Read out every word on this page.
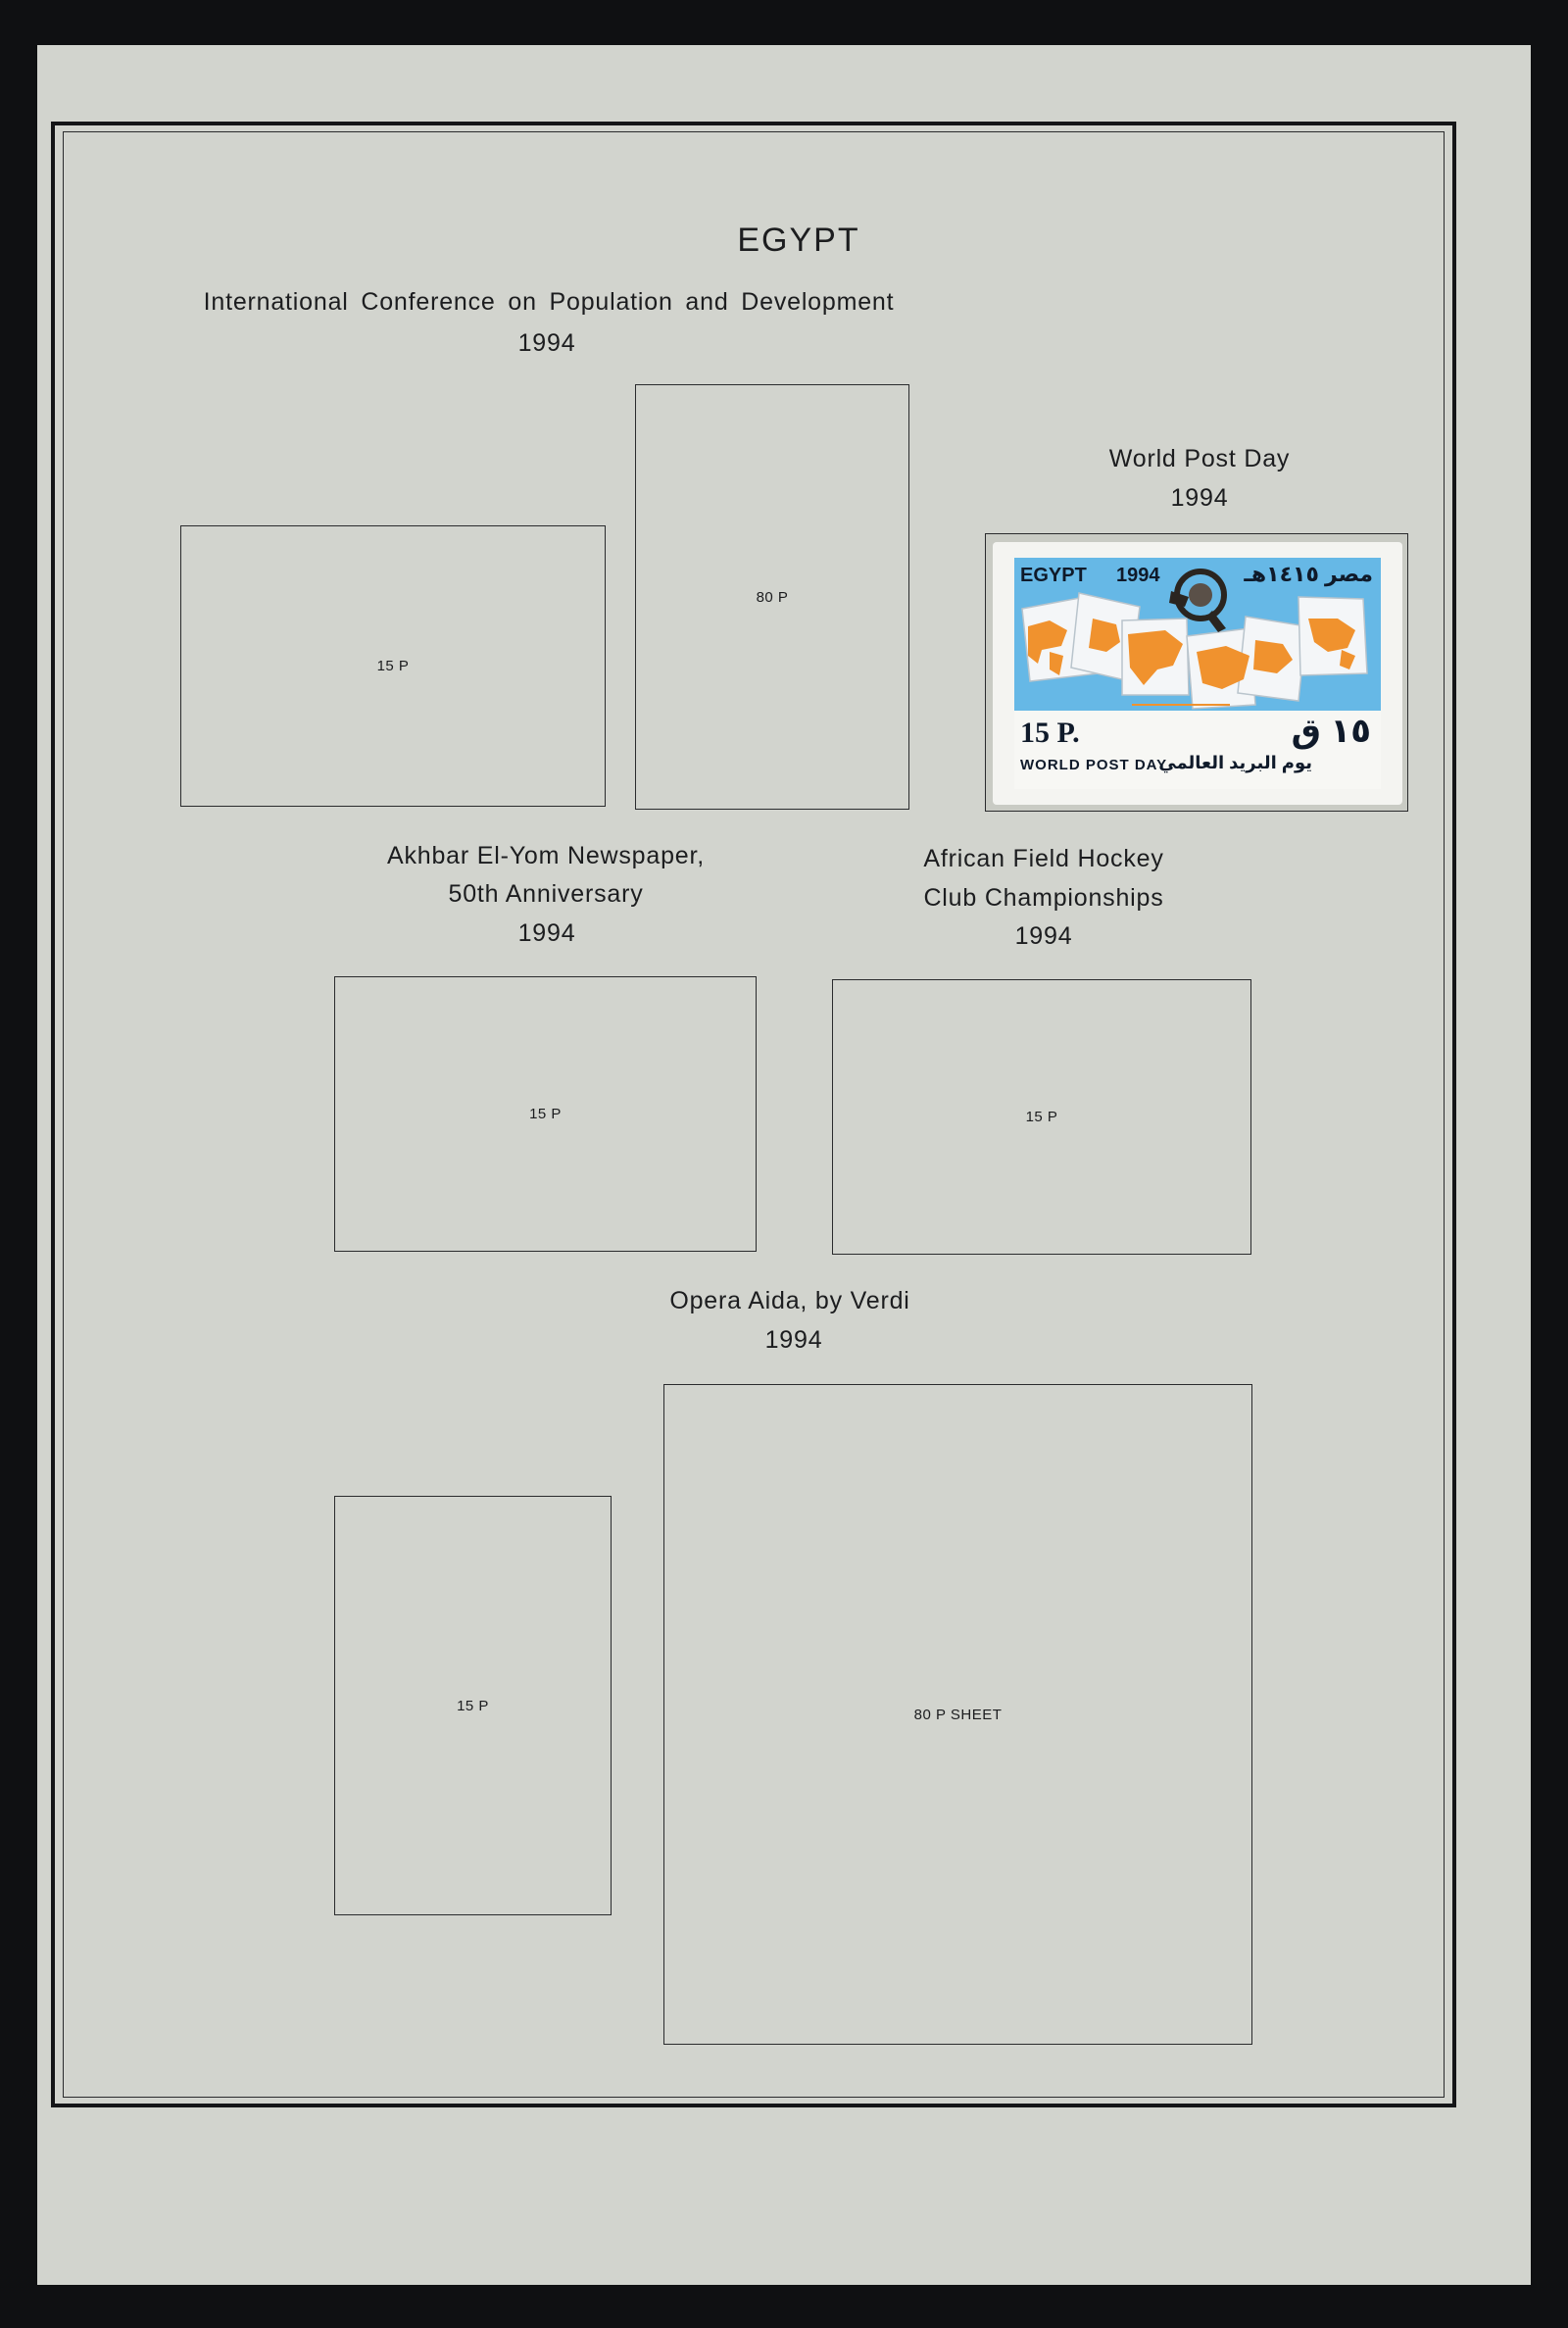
EGYPT
International Conference on Population and Development
1994
15 P
80 P
World Post Day
1994
EGYPT 1994	مصر ١٤١٥هـ
15 P.	١٥ ق
WORLD POST DAY
يوم البريد العالمي
Akhbar El-Yom Newspaper,
50th Anniversary
1994
15 P
African Field Hockey
Club Championships
1994
15 P
Opera Aida, by Verdi
1994
15 P
80 P SHEET
